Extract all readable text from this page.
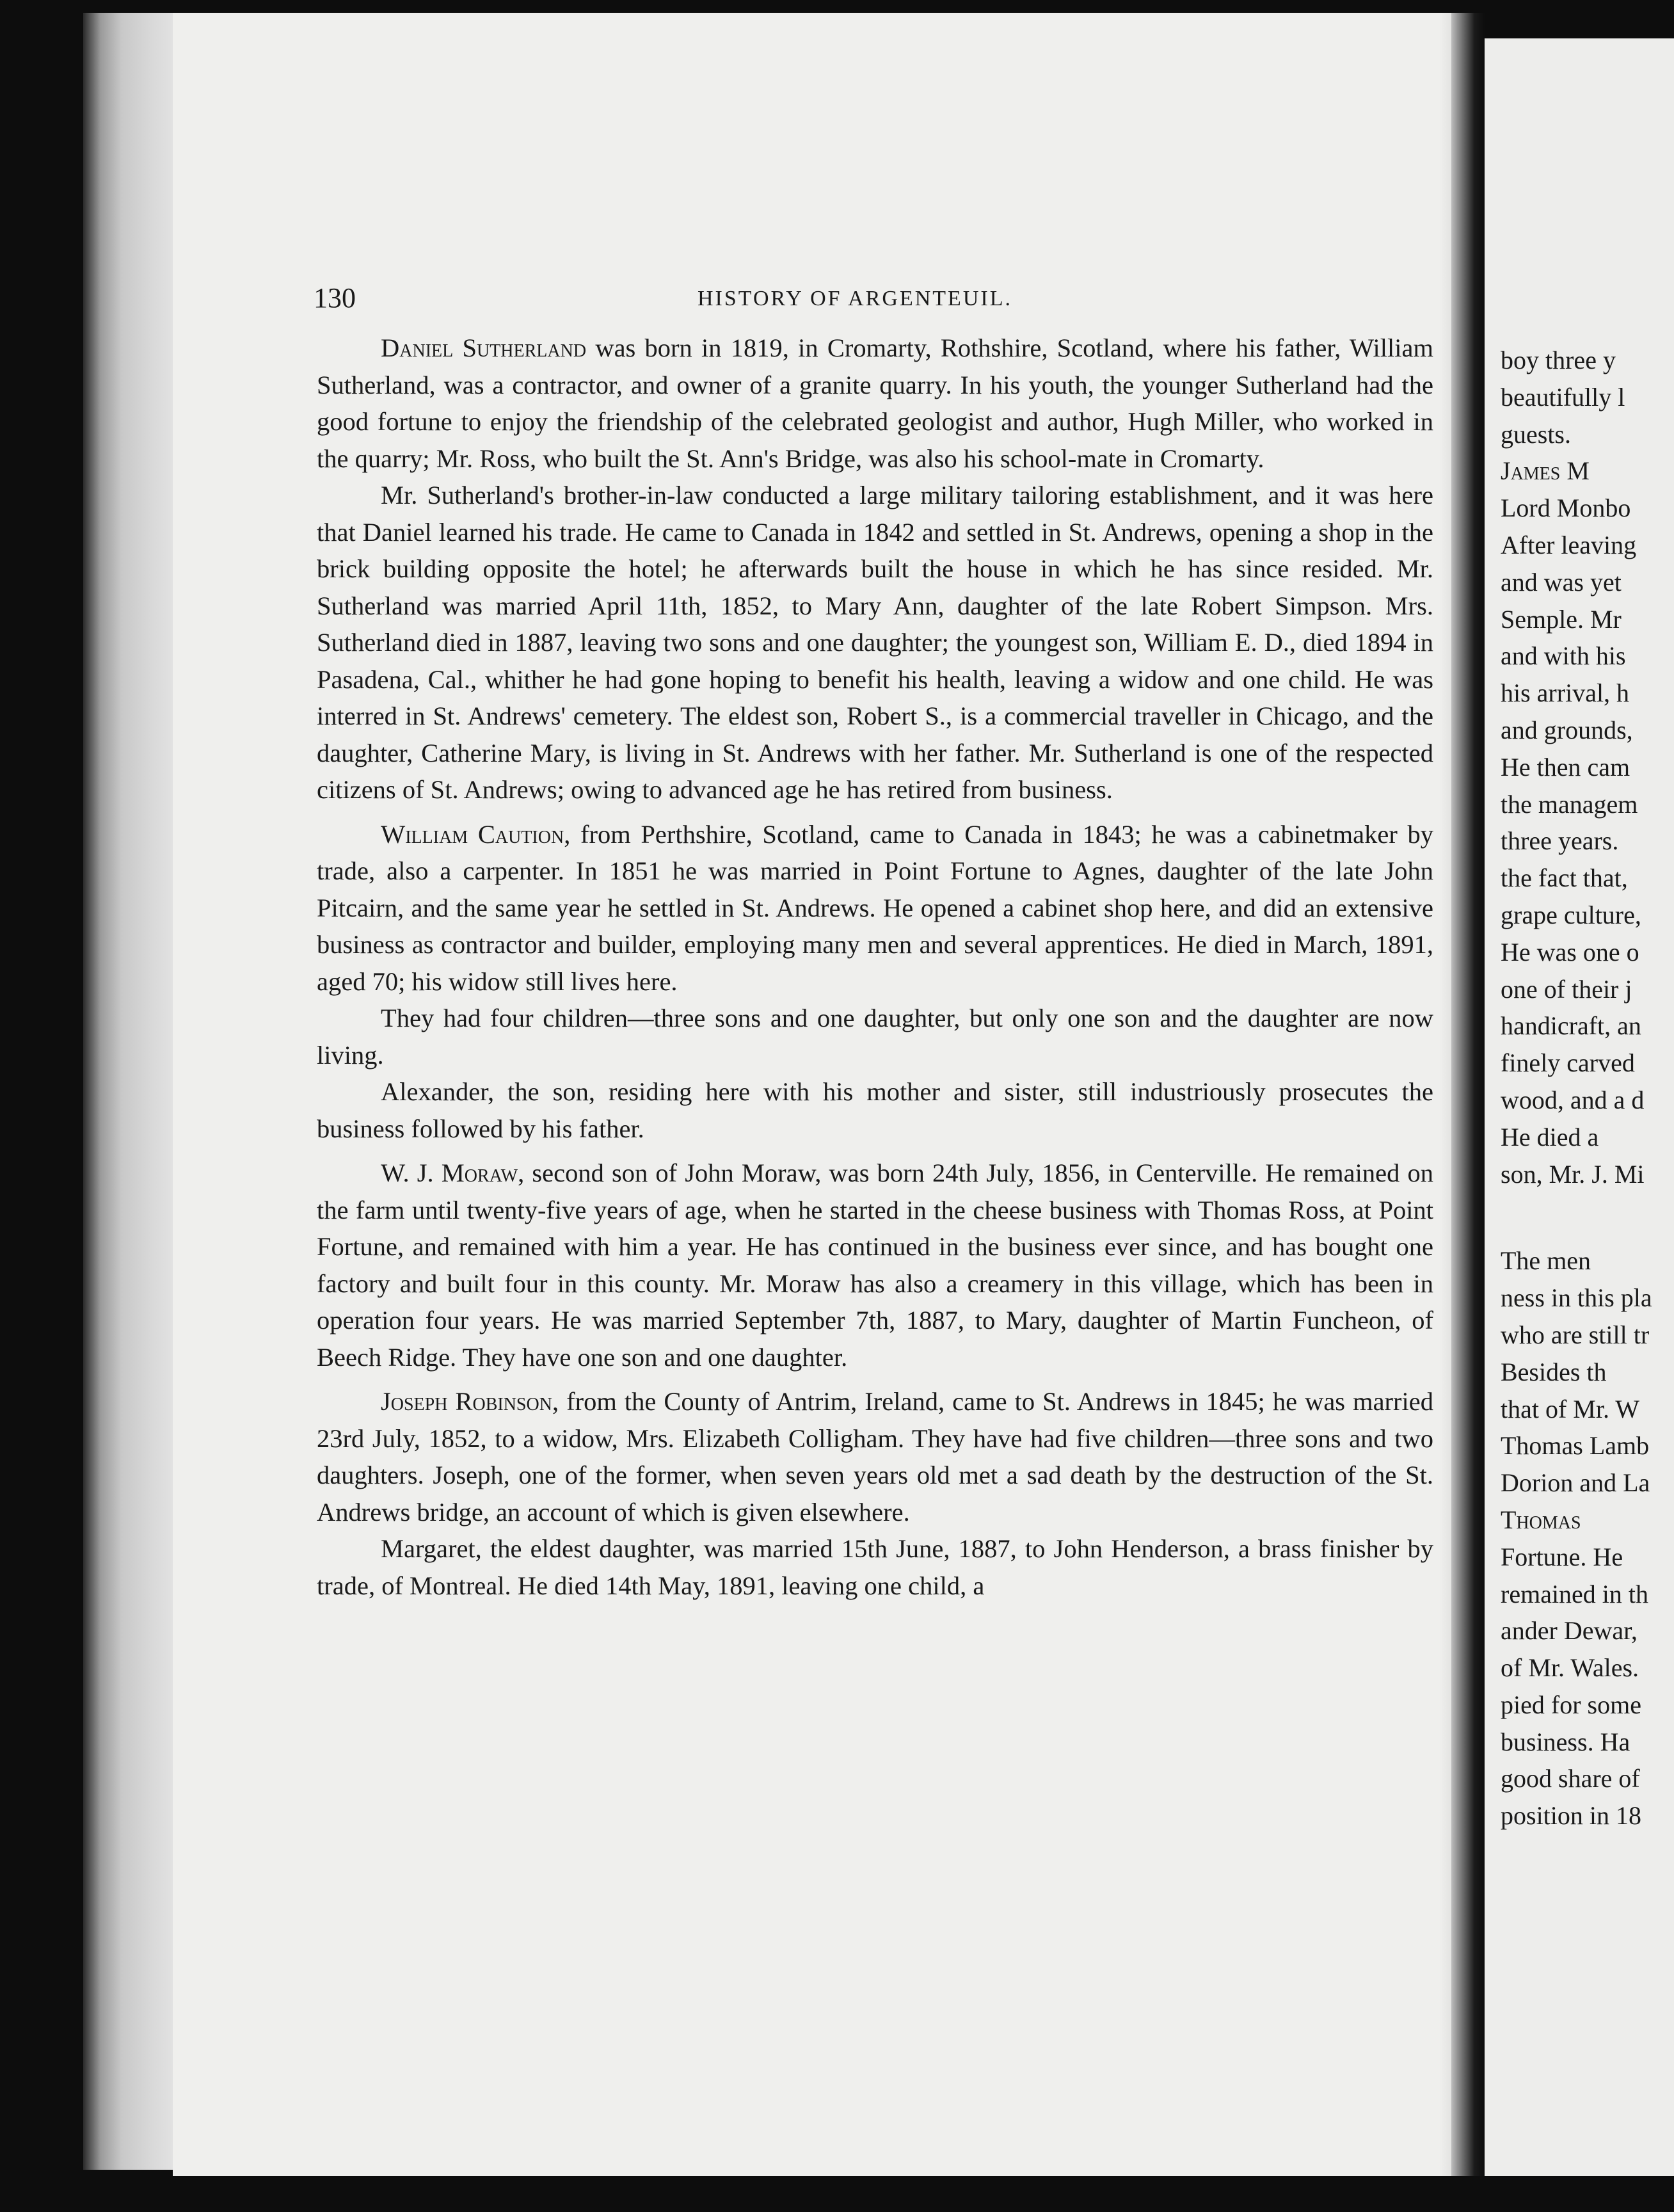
130	HISTORY OF ARGENTEUIL.

Daniel Sutherland was born in 1819, in Cromarty, Rothshire, Scotland, where his father, William Sutherland, was a contractor, and owner of a granite quarry. In his youth, the younger Sutherland had the good fortune to enjoy the friendship of the celebrated geologist and author, Hugh Miller, who worked in the quarry; Mr. Ross, who built the St. Ann's Bridge, was also his school-mate in Cromarty.

Mr. Sutherland's brother-in-law conducted a large military tailoring establishment, and it was here that Daniel learned his trade. He came to Canada in 1842 and settled in St. Andrews, opening a shop in the brick building opposite the hotel; he afterwards built the house in which he has since resided. Mr. Sutherland was married April 11th, 1852, to Mary Ann, daughter of the late Robert Simpson. Mrs. Sutherland died in 1887, leaving two sons and one daughter; the youngest son, William E. D., died 1894 in Pasadena, Cal., whither he had gone hoping to benefit his health, leaving a widow and one child. He was interred in St. Andrews' cemetery. The eldest son, Robert S., is a commercial traveller in Chicago, and the daughter, Catherine Mary, is living in St. Andrews with her father. Mr. Sutherland is one of the respected citizens of St. Andrews; owing to advanced age he has retired from business.

William Caution, from Perthshire, Scotland, came to Canada in 1843; he was a cabinetmaker by trade, also a carpenter. In 1851 he was married in Point Fortune to Agnes, daughter of the late John Pitcairn, and the same year he settled in St. Andrews. He opened a cabinet shop here, and did an extensive business as contractor and builder, employing many men and several apprentices. He died in March, 1891, aged 70; his widow still lives here.

They had four children—three sons and one daughter, but only one son and the daughter are now living.

Alexander, the son, residing here with his mother and sister, still industriously prosecutes the business followed by his father.

W. J. Moraw, second son of John Moraw, was born 24th July, 1856, in Centerville. He remained on the farm until twenty-five years of age, when he started in the cheese business with Thomas Ross, at Point Fortune, and remained with him a year. He has continued in the business ever since, and has bought one factory and built four in this county. Mr. Moraw has also a creamery in this village, which has been in operation four years. He was married September 7th, 1887, to Mary, daughter of Martin Funcheon, of Beech Ridge. They have one son and one daughter.

Joseph Robinson, from the County of Antrim, Ireland, came to St. Andrews in 1845; he was married 23rd July, 1852, to a widow, Mrs. Elizabeth Colligham. They have had five children—three sons and two daughters. Joseph, one of the former, when seven years old met a sad death by the destruction of the St. Andrews bridge, an account of which is given elsewhere.

Margaret, the eldest daughter, was married 15th June, 1887, to John Henderson, a brass finisher by trade, of Montreal. He died 14th May, 1891, leaving one child, a

boy three y
beautifully l
guests.
James M
Lord Monbo
After leaving
and was yet
Semple. Mr
and with his
his arrival, h
and grounds,
He then cam
the managem
three years.
the fact that,
grape culture,
He was one o
one of their j
handicraft, an
finely carved
wood, and a d
He died a
son, Mr. J. Mi
The men
ness in this pla
who are still tr
Besides th
that of Mr. W
Thomas Lamb
Dorion and La
Thomas
Fortune. He
remained in th
ander Dewar,
of Mr. Wales.
pied for some
business. Ha
good share of
position in 18
